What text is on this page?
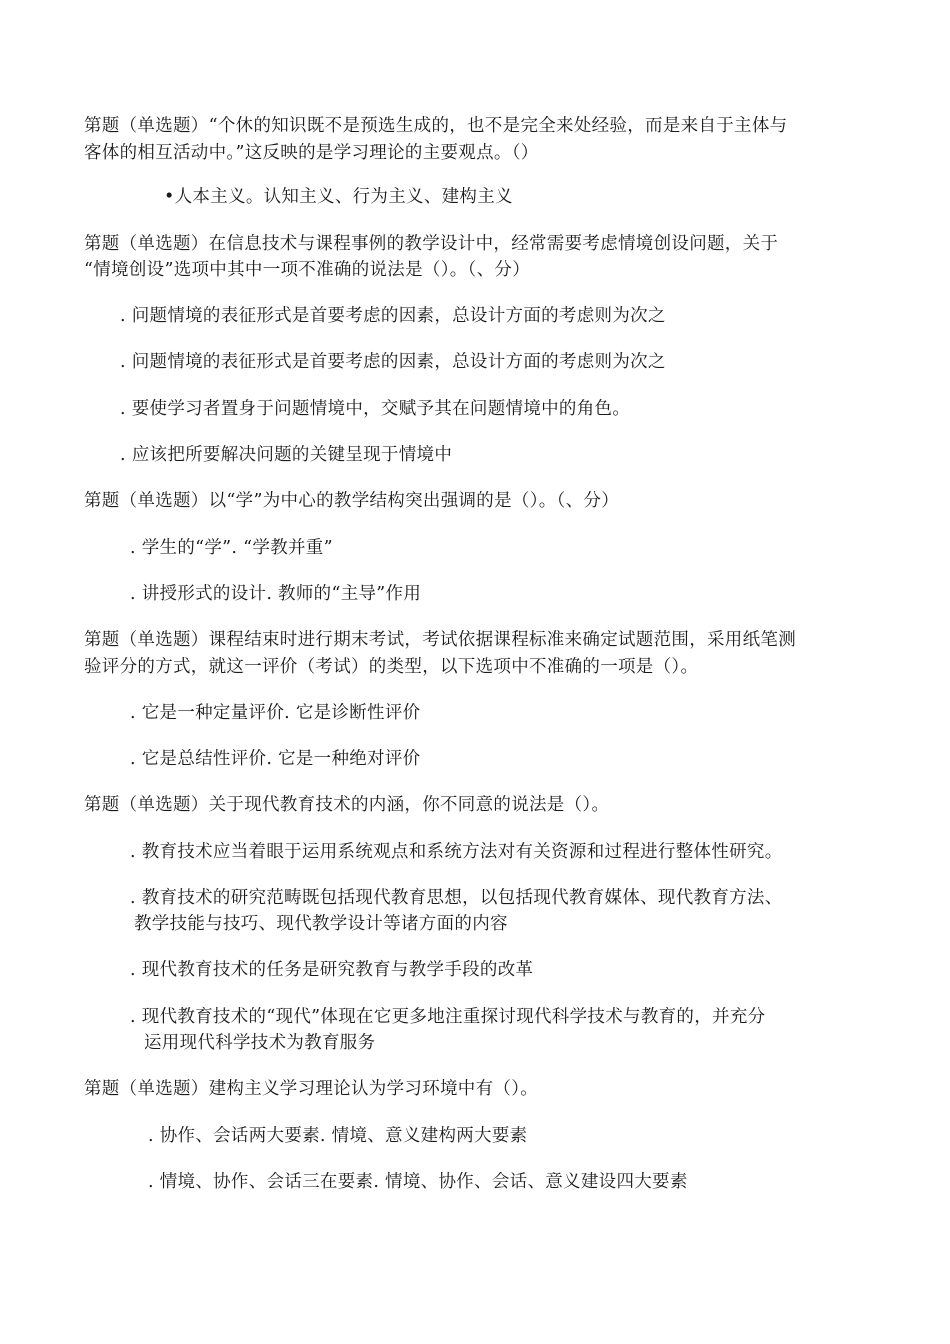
第题（单选题）“个休的知识既不是预选生成的，也不是完全来处经验，而是来自于主体与
客体的相互活动中。”这反映的是学习理论的主要观点。（）
•人本主义。认知主义、行为主义、建构主义
第题（单选题）在信息技术与课程事例的教学设计中，经常需要考虑情境创设问题，关于
“情境创设”选项中其中一项不准确的说法是（）。（、分）
. 问题情境的表征形式是首要考虑的因素，总设计方面的考虑则为次之
. 问题情境的表征形式是首要考虑的因素，总设计方面的考虑则为次之
. 要使学习者置身于问题情境中，交赋予其在问题情境中的角色。
. 应该把所要解决问题的关键呈现于情境中
第题（单选题）以“学”为中心的教学结构突出强调的是（）。（、分）
. 学生的“学”. “学教并重”
. 讲授形式的设计. 教师的“主导”作用
第题（单选题）课程结束时进行期末考试，考试依据课程标准来确定试题范围，采用纸笔测
验评分的方式，就这一评价（考试）的类型，以下选项中不准确的一项是（）。
. 它是一种定量评价. 它是诊断性评价
. 它是总结性评价. 它是一种绝对评价
第题（单选题）关于现代教育技术的内涵，你不同意的说法是（）。
. 教育技术应当着眼于运用系统观点和系统方法对有关资源和过程进行整体性研究。
. 教育技术的研究范畴既包括现代教育思想，以包括现代教育媒体、现代教育方法、
教学技能与技巧、现代教学设计等诸方面的内容
. 现代教育技术的任务是研究教育与教学手段的改革
. 现代教育技术的“现代”体现在它更多地注重探讨现代科学技术与教育的，并充分
运用现代科学技术为教育服务
第题（单选题）建构主义学习理论认为学习环境中有（）。
. 协作、会话两大要素. 情境、意义建构两大要素
. 情境、协作、会话三在要素. 情境、协作、会话、意义建设四大要素
